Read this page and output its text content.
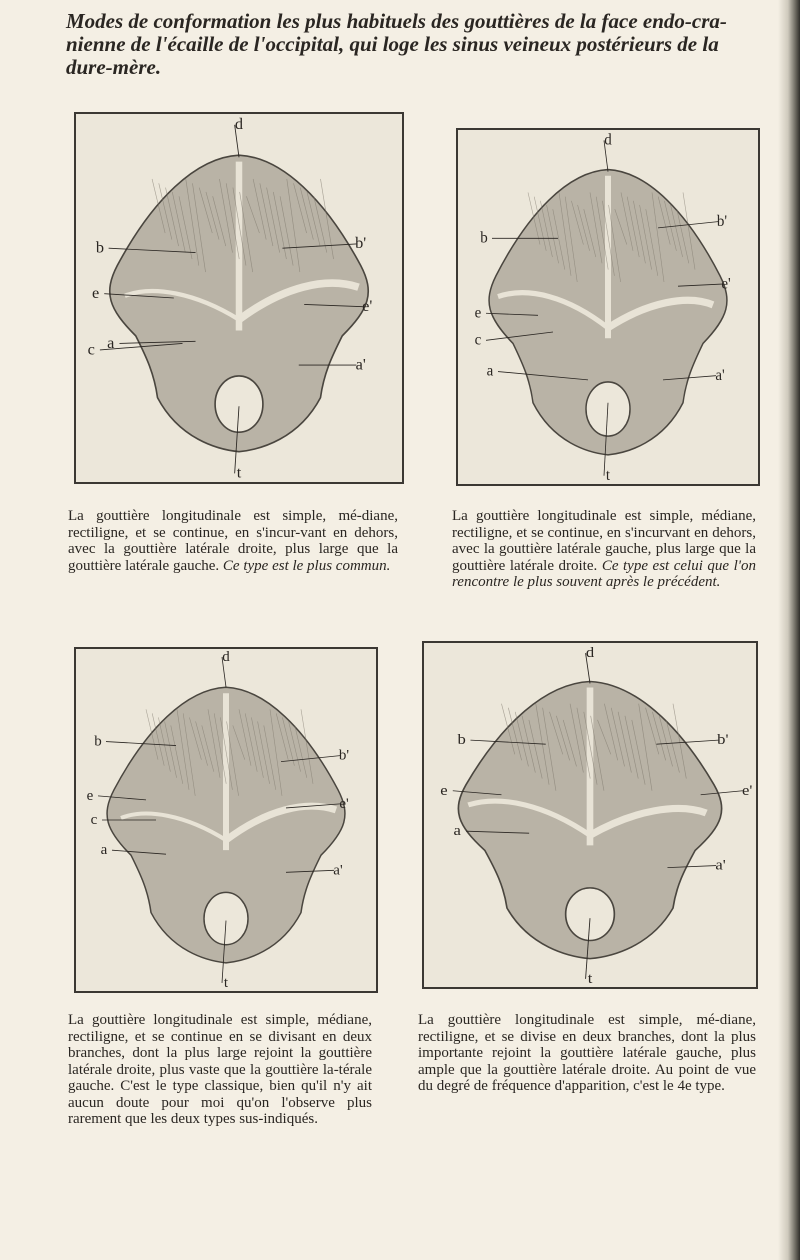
Modes de conformation les plus habituels des gouttières de la face endo-cra-nienne de l'écaille de l'occipital, qui loge les sinus veineux postérieurs de la dure-mère.
d
b	b'
e
e'
c a
a'
t

La gouttière longitudinale est simple, mé-diane, rectiligne, et se continue, en s'incur-vant en dehors, avec la gouttière latérale droite, plus large que la gouttière latérale gauche. Ce type est le plus commun.

d
b
b'
e
e'
c
a	a'
t

La gouttière longitudinale est simple, médiane, rectiligne, et se continue, en s'incurvant en dehors, avec la gouttière latérale gauche, plus large que la gouttière latérale droite. Ce type est celui que l'on rencontre le plus souvent après le précédent.

d
b
b'
e
e'
c
a
a'
t

La gouttière longitudinale est simple, médiane, rectiligne, et se continue en se divisant en deux branches, dont la plus large rejoint la gouttière latérale droite, plus vaste que la gouttière la-térale gauche. C'est le type classique, bien qu'il n'y ait aucun doute pour moi qu'on l'observe plus rarement que les deux types sus-indiqués.

d
b	b'
e	e'
a
a'
t

La gouttière longitudinale est simple, mé-diane, rectiligne, et se divise en deux branches, dont la plus importante rejoint la gouttière latérale gauche, plus ample que la gouttière latérale droite. Au point de vue du degré de fréquence d'apparition, c'est le 4e type.
